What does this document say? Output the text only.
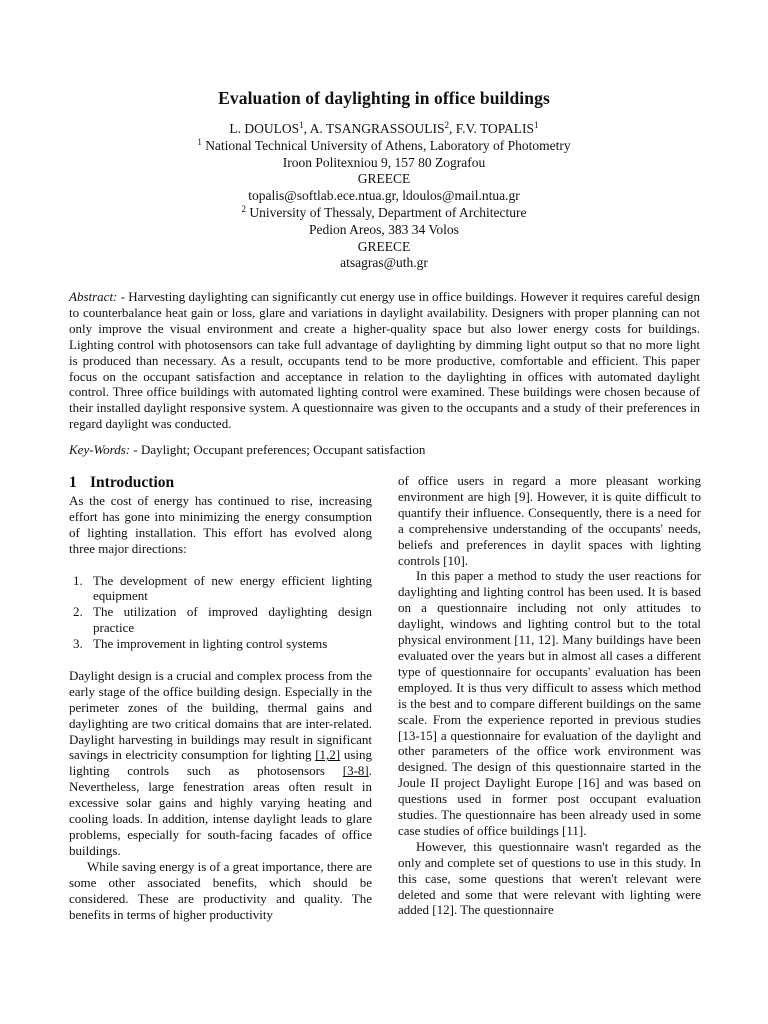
Evaluation of daylighting in office buildings
L. DOULOS$^1$, A. TSANGRASSOULIS$^2$, F.V. TOPALIS$^1$
$^1$ National Technical University of Athens, Laboratory of Photometry
Iroon Politexniou 9, 157 80 Zografou
GREECE
topalis@softlab.ece.ntua.gr, ldoulos@mail.ntua.gr
$^2$ University of Thessaly, Department of Architecture
Pedion Areos, 383 34 Volos
GREECE
atsagras@uth.gr
Abstract: - Harvesting daylighting can significantly cut energy use in office buildings. However it requires careful design to counterbalance heat gain or loss, glare and variations in daylight availability. Designers with proper planning can not only improve the visual environment and create a higher-quality space but also lower energy costs for buildings. Lighting control with photosensors can take full advantage of daylighting by dimming light output so that no more light is produced than necessary. As a result, occupants tend to be more productive, comfortable and efficient. This paper focus on the occupant satisfaction and acceptance in relation to the daylighting in offices with automated daylight control. Three office buildings with automated lighting control were examined. These buildings were chosen because of their installed daylight responsive system. A questionnaire was given to the occupants and a study of their preferences in regard daylight was conducted.
Key-Words: - Daylight; Occupant preferences; Occupant satisfaction
1 Introduction

As the cost of energy has continued to rise, increasing effort has gone into minimizing the energy consumption of lighting installation. This effort has evolved along three major directions:

1. The development of new energy efficient lighting equipment
2. The utilization of improved daylighting design practice
3. The improvement in lighting control systems

Daylight design is a crucial and complex process from the early stage of the office building design. Especially in the perimeter zones of the building, thermal gains and daylighting are two critical domains that are inter-related. Daylight harvesting in buildings may result in significant savings in electricity consumption for lighting [1,2] using lighting controls such as photosensors [3-8]. Nevertheless, large fenestration areas often result in excessive solar gains and highly varying heating and cooling loads. In addition, intense daylight leads to glare problems, especially for south-facing facades of office buildings.

While saving energy is of a great importance, there are some other associated benefits, which should be considered. These are productivity and quality. The benefits in terms of higher productivity

of office users in regard a more pleasant working environment are high [9]. However, it is quite difficult to quantify their influence. Consequently, there is a need for a comprehensive understanding of the occupants' needs, beliefs and preferences in daylit spaces with lighting controls [10].

In this paper a method to study the user reactions for daylighting and lighting control has been used. It is based on a questionnaire including not only attitudes to daylight, windows and lighting control but to the total physical environment [11, 12]. Many buildings have been evaluated over the years but in almost all cases a different type of questionnaire for occupants' evaluation has been employed. It is thus very difficult to assess which method is the best and to compare different buildings on the same scale. From the experience reported in previous studies [13-15] a questionnaire for evaluation of the daylight and other parameters of the office work environment was designed. The design of this questionnaire started in the Joule II project Daylight Europe [16] and was based on questions used in former post occupant evaluation studies. The questionnaire has been already used in some case studies of office buildings [11].

However, this questionnaire wasn't regarded as the only and complete set of questions to use in this study. In this case, some questions that weren't relevant were deleted and some that were relevant with lighting were added [12]. The questionnaire
